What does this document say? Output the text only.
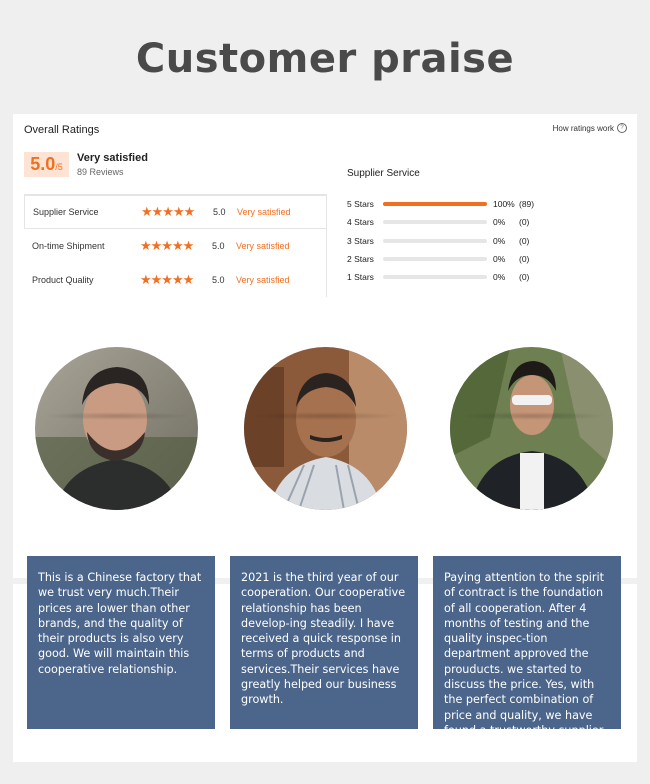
Customer praise
Overall Ratings	How ratings work	?
5.0 /5
Very satisfied
89 Reviews
Supplier Service	★★★★★	5.0	Very satisfied
On-time Shipment	★★★★★	5.0	Very satisfied
Product Quality	★★★★★	5.0	Very satisfied
Supplier Service
5 Stars	100% (89)
4 Stars	0%	(0)
3 Stars	0%	(0)
2 Stars	0%	(0)
1 Stars	0%	(0)
This is a Chinese factory that we trust very much.Their prices are lower than other brands, and the quality of their products is also very good. We will maintain this cooperative relationship.
2021 is the third year of our cooperation. Our cooperative relationship has been develop-ing steadily. I have received a quick response in terms of products and services.Their services have greatly helped our business growth.
Paying attention to the spirit of contract is the foundation of all cooperation. After 4 months of testing and the quality inspec-tion department approved the prouducts. we started to discuss the price. Yes, with the perfect combination of price and quality, we have found a trustworthy supplier.
